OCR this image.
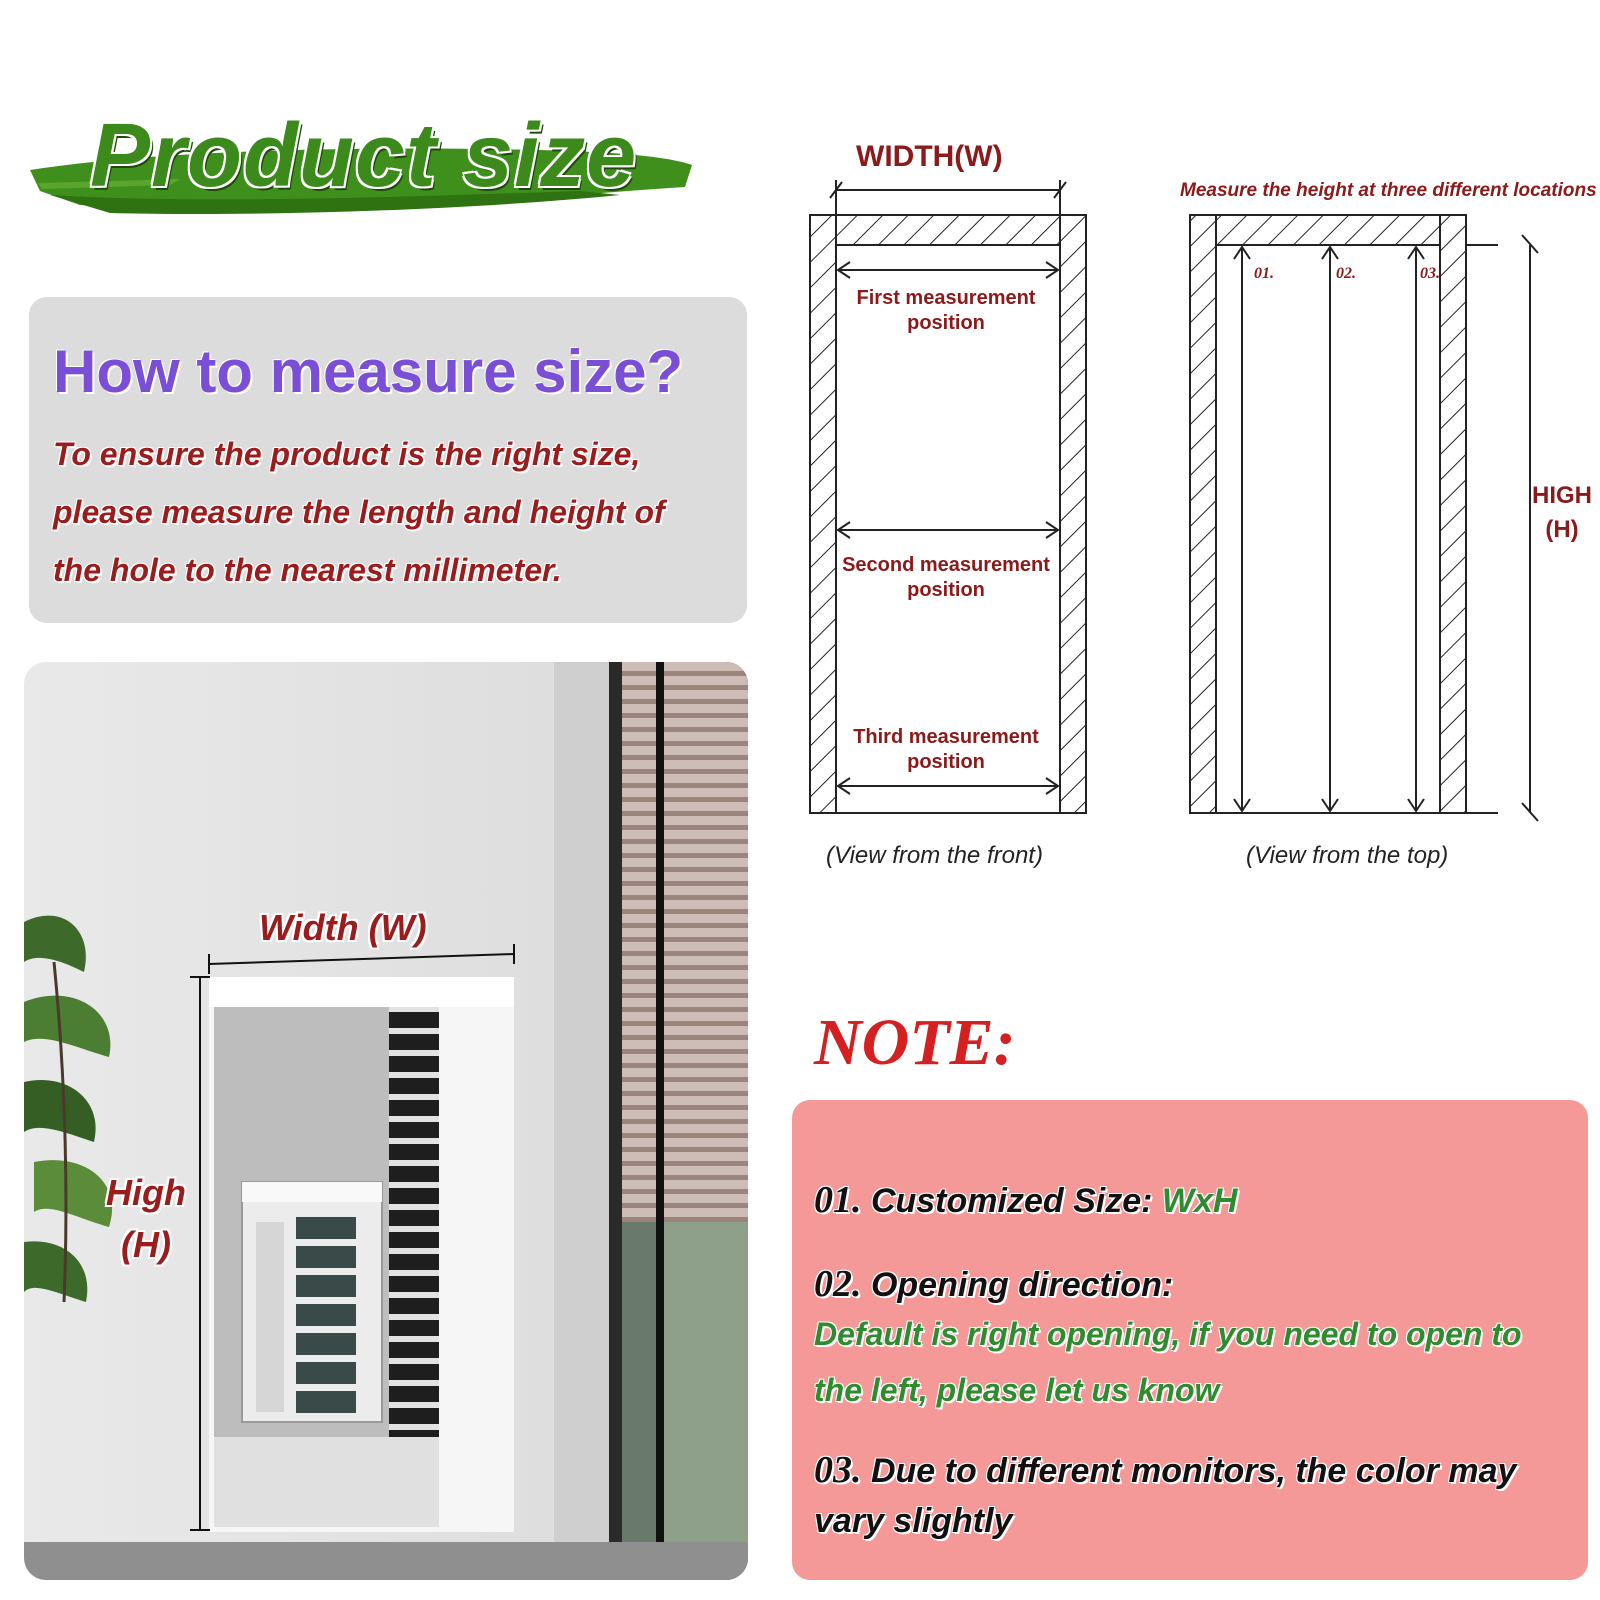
Product size
How to measure size?
To ensure the product is the right size,
please measure the length and height of
the hole to the nearest millimeter.
Width (W)
High
(H)
WIDTH(W)
First measurement
position
Second measurement
position
Third measurement
position
(View from the front)
Measure the height at three different locations
01.	02.	03.
HIGH
(H)
(View from the top)
NOTE:
01. Customized Size: WxH
02. Opening direction:
Default is right opening, if you need to open to
the left, please let us know
03. Due to different monitors, the color may
vary slightly
